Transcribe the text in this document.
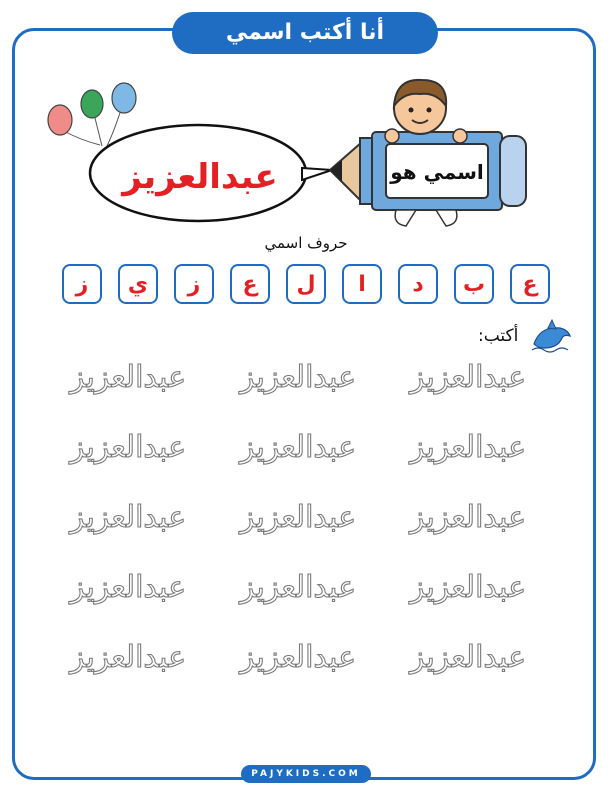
أنا أكتب اسمي
عبدالعزيز	اسمي هو
حروف اسمي
ع
ب
د
ا
ل
ع
ز
ي
ز
أكتب:
عبدالعزيز
عبدالعزيز
عبدالعزيز
عبدالعزيز
عبدالعزيز
عبدالعزيز
عبدالعزيز
عبدالعزيز
عبدالعزيز
عبدالعزيز
عبدالعزيز
عبدالعزيز
عبدالعزيز
عبدالعزيز
عبدالعزيز
PAJYKIDS.COM
